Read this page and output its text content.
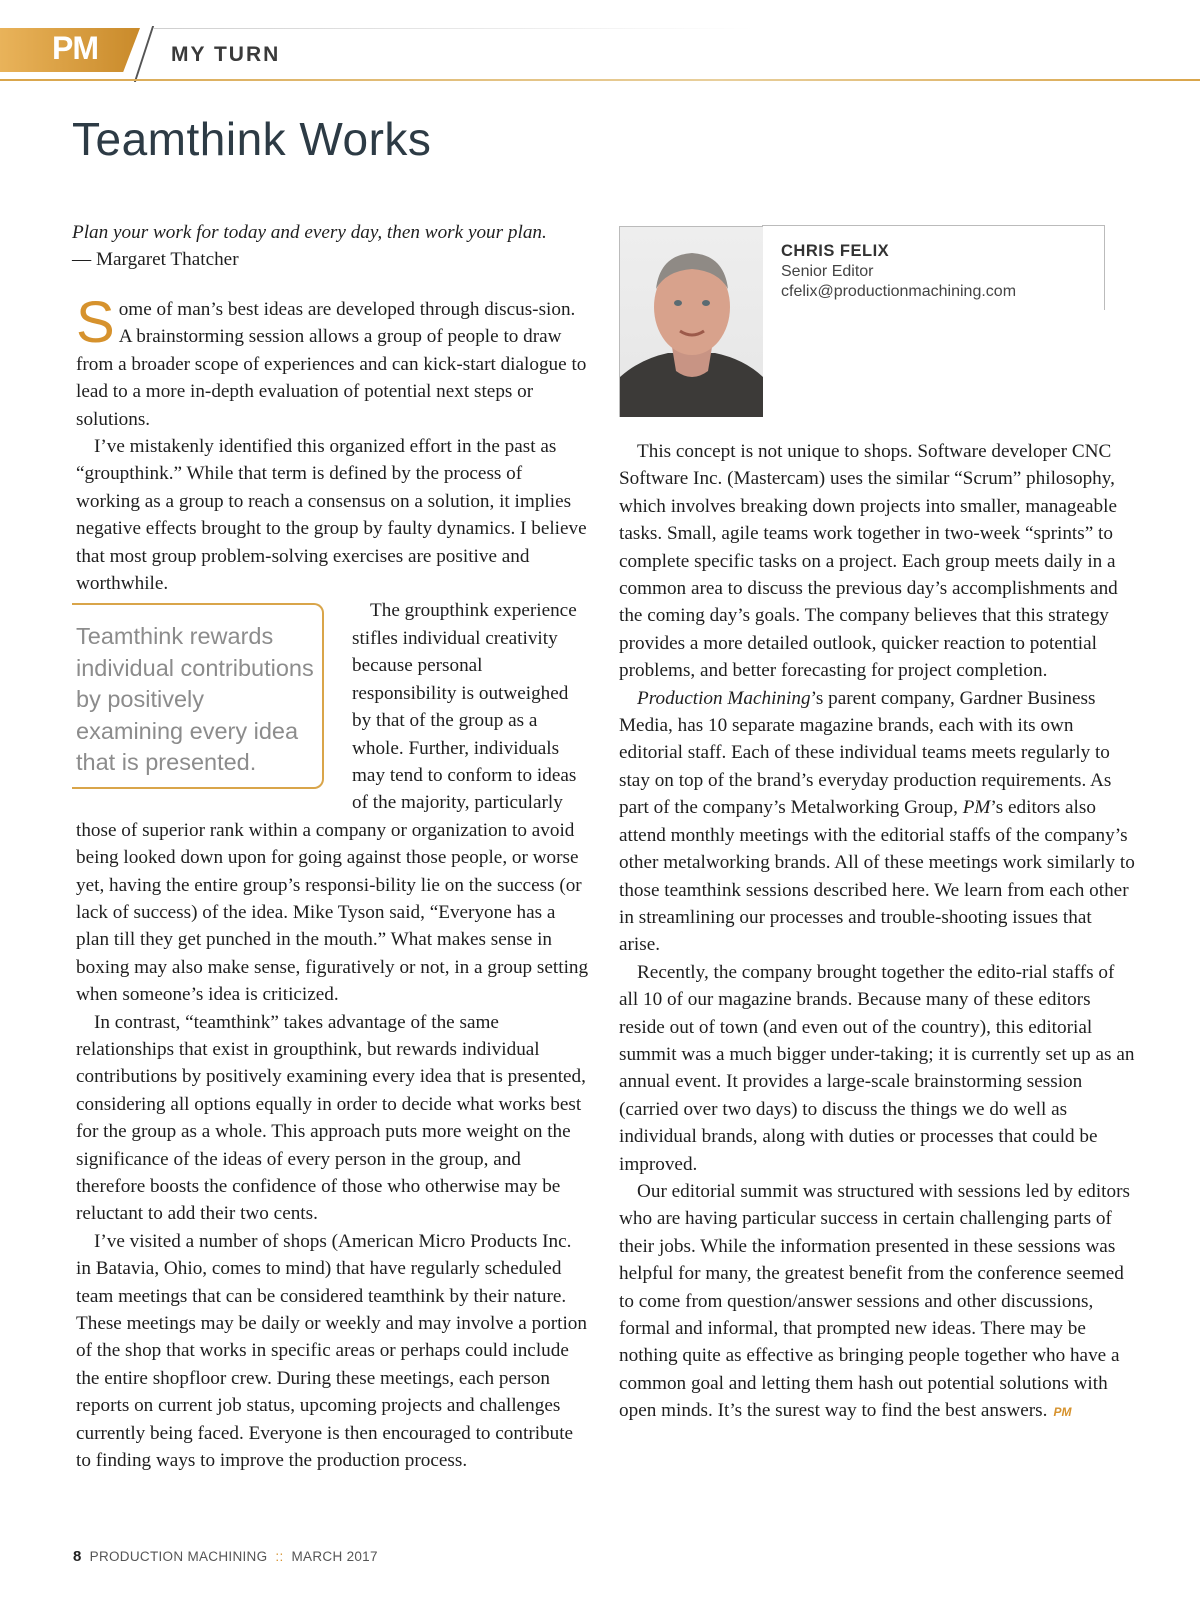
PM	MY TURN
Teamthink Works
Plan your work for today and every day, then work your plan.
— Margaret Thatcher

Some of man’s best ideas are developed through discus-sion. A brainstorming session allows a group of people to draw from a broader scope of experiences and can kick-start dialogue to lead to a more in-depth evaluation of potential next steps or solutions.

I’ve mistakenly identified this organized effort in the past as “groupthink.” While that term is defined by the process of working as a group to reach a consensus on a solution, it implies negative effects brought to the group by faulty dynamics. I believe that most group problem-solving exercises are positive and worthwhile.

Teamthink rewards individual contributions by positively examining every idea that is presented.
The groupthink experience stifles individual creativity because personal responsibility is outweighed by that of the group as a whole. Further, individuals may tend to conform to ideas of the majority, particularly those of superior rank within a company or organization to avoid being looked down upon for going against those people, or worse yet, having the entire group’s responsi-bility lie on the success (or lack of success) of the idea. Mike Tyson said, “Everyone has a plan till they get punched in the mouth.” What makes sense in boxing may also make sense, figuratively or not, in a group setting when someone’s idea is criticized.

In contrast, “teamthink” takes advantage of the same relationships that exist in groupthink, but rewards individual contributions by positively examining every idea that is presented, considering all options equally in order to decide what works best for the group as a whole. This approach puts more weight on the significance of the ideas of every person in the group, and therefore boosts the confidence of those who otherwise may be reluctant to add their two cents.

I’ve visited a number of shops (American Micro Products Inc. in Batavia, Ohio, comes to mind) that have regularly scheduled team meetings that can be considered teamthink by their nature. These meetings may be daily or weekly and may involve a portion of the shop that works in specific areas or perhaps could include the entire shopfloor crew. During these meetings, each person reports on current job status, upcoming projects and challenges currently being faced. Everyone is then encouraged to contribute to finding ways to improve the production process.

CHRIS FELIX
Senior Editor
cfelix@productionmachining.com

This concept is not unique to shops. Software developer CNC Software Inc. (Mastercam) uses the similar “Scrum” philosophy, which involves breaking down projects into smaller, manageable tasks. Small, agile teams work together in two-week “sprints” to complete specific tasks on a project. Each group meets daily in a common area to discuss the previous day’s accomplishments and the coming day’s goals. The company believes that this strategy provides a more detailed outlook, quicker reaction to potential problems, and better forecasting for project completion.

Production Machining’s parent company, Gardner Business Media, has 10 separate magazine brands, each with its own editorial staff. Each of these individual teams meets regularly to stay on top of the brand’s everyday production requirements. As part of the company’s Metalworking Group, PM’s editors also attend monthly meetings with the editorial staffs of the company’s other metalworking brands. All of these meetings work similarly to those teamthink sessions described here. We learn from each other in streamlining our processes and trouble-shooting issues that arise.

Recently, the company brought together the edito-rial staffs of all 10 of our magazine brands. Because many of these editors reside out of town (and even out of the country), this editorial summit was a much bigger under-taking; it is currently set up as an annual event. It provides a large-scale brainstorming session (carried over two days) to discuss the things we do well as individual brands, along with duties or processes that could be improved.

Our editorial summit was structured with sessions led by editors who are having particular success in certain challenging parts of their jobs. While the information presented in these sessions was helpful for many, the greatest benefit from the conference seemed to come from question/answer sessions and other discussions, formal and informal, that prompted new ideas. There may be nothing quite as effective as bringing people together who have a common goal and letting them hash out potential solutions with open minds. It’s the surest way to find the best answers. PM

8 PRODUCTION MACHINING :: MARCH 2017
